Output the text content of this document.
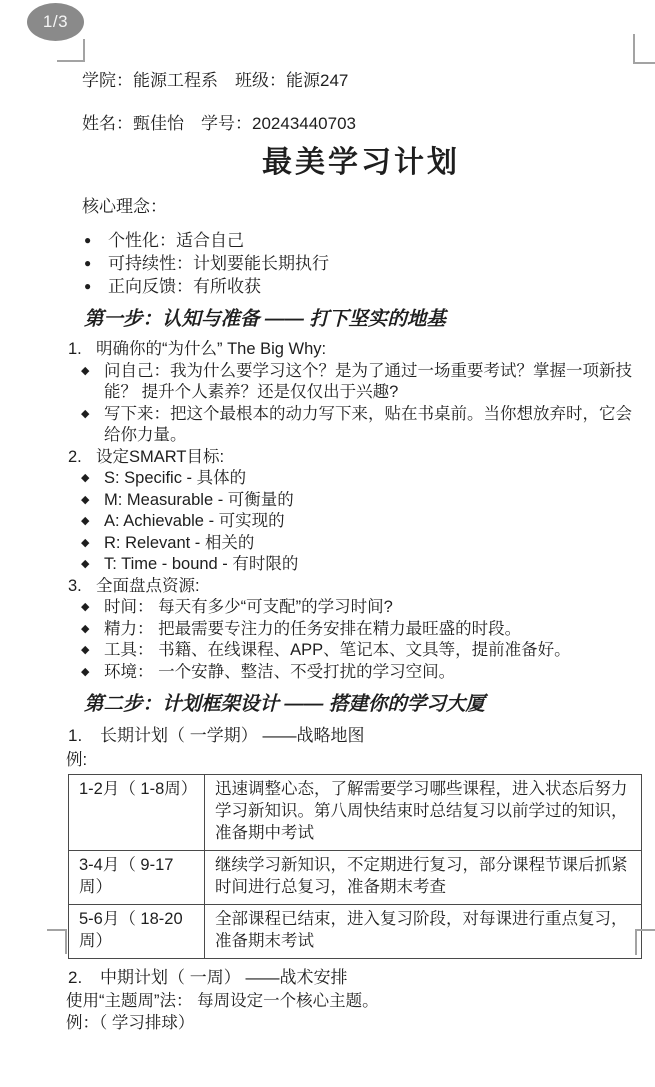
1/3
学院：能源工程系　班级：能源247
姓名：甄佳怡　学号：20243440703
最美学习计划
核心理念：
● 个性化：适合自己
● 可持续性：计划要能长期执行
● 正向反馈：有所收获
第一步：认知与准备 —— 打下坚实的地基
1. 明确你的“为什么” The Big Why:
◆ 问自己：我为什么要学习这个？是为了通过一场重要考试？掌握一项新技能？ 提升个人素养？还是仅仅出于兴趣?
◆ 写下来：把这个最根本的动力写下来，贴在书桌前。当你想放弃时，它会给你力量。
2. 设定SMART目标:
◆ S: Specific - 具体的
◆ M: Measurable - 可衡量的
◆ A: Achievable - 可实现的
◆ R: Relevant - 相关的
◆ T: Time - bound - 有时限的
3. 全面盘点资源:
◆ 时间： 每天有多少“可支配”的学习时间?
◆ 精力： 把最需要专注力的任务安排在精力最旺盛的时段。
◆ 工具： 书籍、在线课程、APP、笔记本、文具等，提前准备好。
◆ 环境： 一个安静、整洁、不受打扰的学习空间。
第二步：计划框架设计 —— 搭建你的学习大厦
1.	长期计划（ 一学期） ——战略地图
例:
1-2月（ 1-8周）	迅速调整心态，了解需要学习哪些课程，进入状态后努力学习新知识。第八周快结束时总结复习以前学过的知识，准备期中考试
3-4月（ 9-17周）	继续学习新知识，不定期进行复习，部分课程节课后抓紧时间进行总复习，准备期末考查
5-6月（ 18-20周）	全部课程已结束，进入复习阶段，对每课进行重点复习，准备期末考试
2.	中期计划（ 一周） ——战术安排
使用“主题周”法： 每周设定一个核心主题。
例：（ 学习排球）
